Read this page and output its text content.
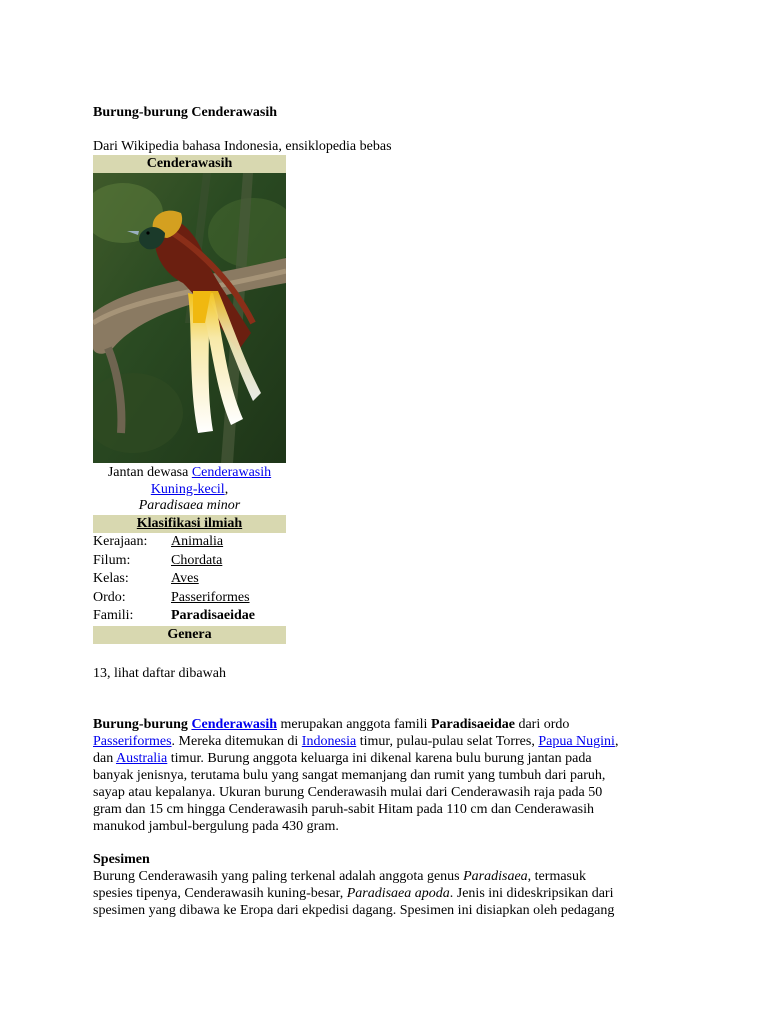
Burung-burung Cenderawasih
Dari Wikipedia bahasa Indonesia, ensiklopedia bebas
Cenderawasih
Jantan dewasa Cenderawasih
Kuning-kecil,
Paradisaea minor
Klasifikasi ilmiah
Kerajaan: Animalia
Filum:	Chordata
Kelas:	Aves
Ordo:	Passeriformes
Famili:	Paradisaeidae
Genera
13, lihat daftar dibawah
Burung-burung Cenderawasih merupakan anggota famili Paradisaeidae dari ordo
Passeriformes. Mereka ditemukan di Indonesia timur, pulau-pulau selat Torres, Papua Nugini,
dan Australia timur. Burung anggota keluarga ini dikenal karena bulu burung jantan pada
banyak jenisnya, terutama bulu yang sangat memanjang dan rumit yang tumbuh dari paruh,
sayap atau kepalanya. Ukuran burung Cenderawasih mulai dari Cenderawasih raja pada 50
gram dan 15 cm hingga Cenderawasih paruh-sabit Hitam pada 110 cm dan Cenderawasih
manukod jambul-bergulung pada 430 gram.
Spesimen
Burung Cenderawasih yang paling terkenal adalah anggota genus Paradisaea, termasuk
spesies tipenya, Cenderawasih kuning-besar, Paradisaea apoda. Jenis ini dideskripsikan dari
spesimen yang dibawa ke Eropa dari ekpedisi dagang. Spesimen ini disiapkan oleh pedagang
